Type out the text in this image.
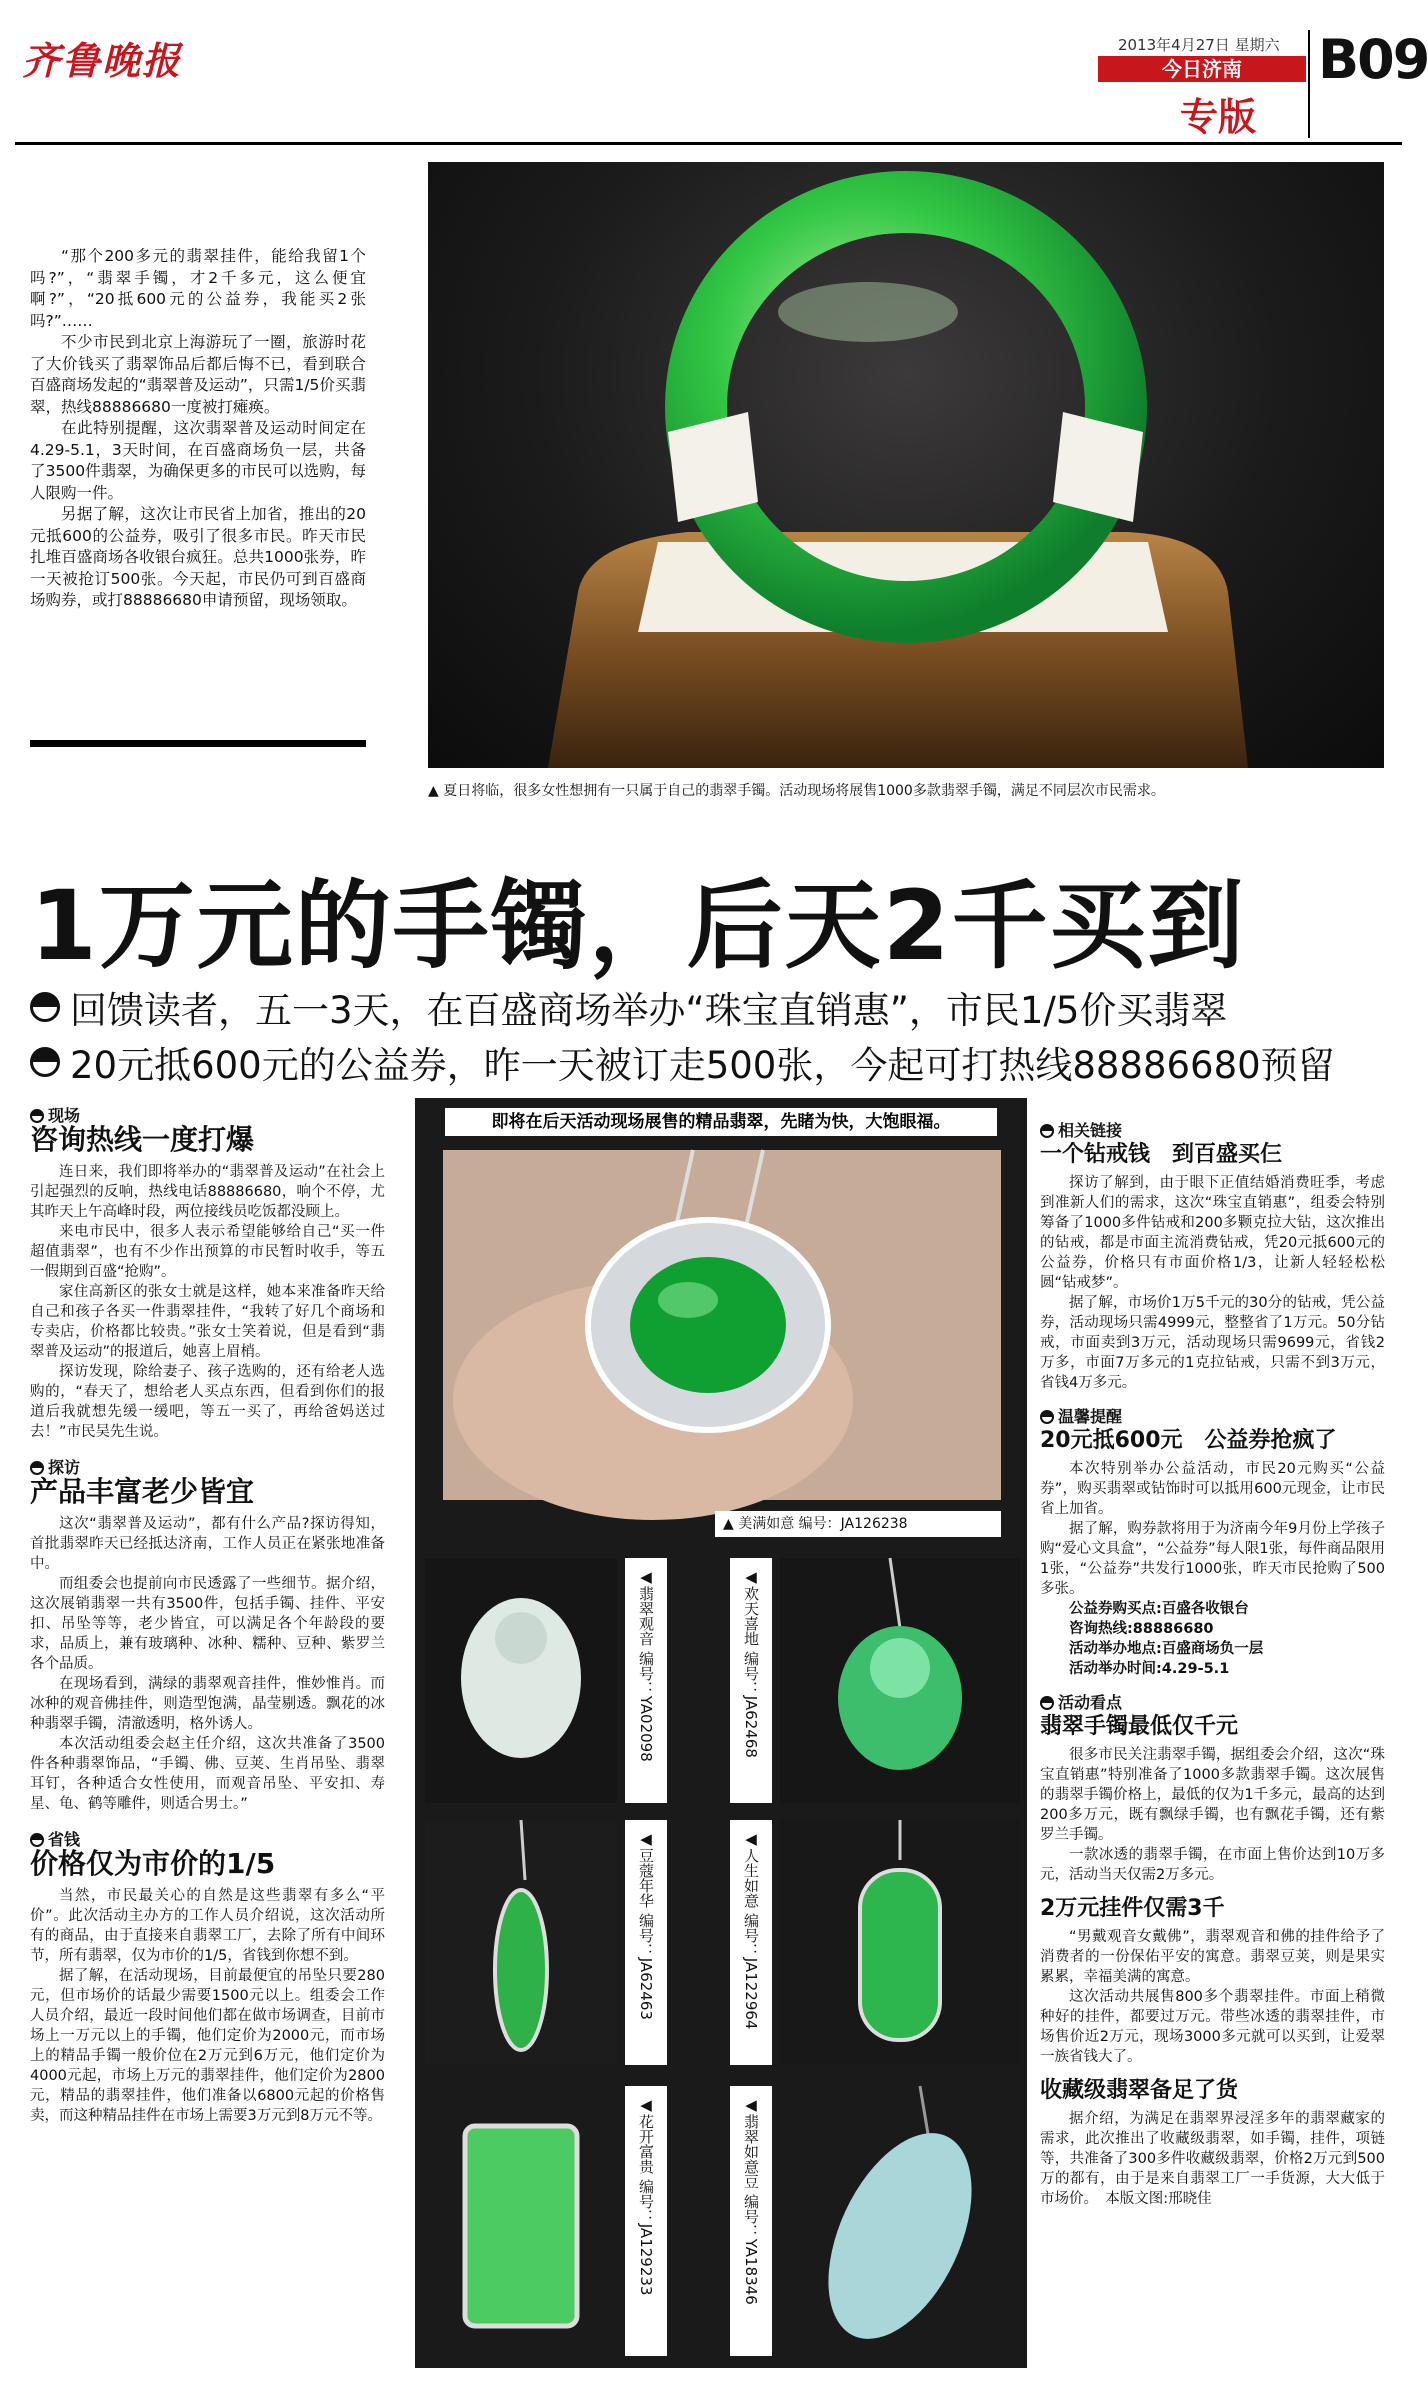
齐鲁晚报	2013年4月27日 星期六
今日济南
专版
B09

“那个200多元的翡翠挂件，能给我留1个吗?”，“翡翠手镯，才2千多元，这么便宜啊?”，“20抵600元的公益券，我能买2张吗?”……

不少市民到北京上海游玩了一圈，旅游时花了大价钱买了翡翠饰品后都后悔不已，看到联合百盛商场发起的“翡翠普及运动”，只需1/5价买翡翠，热线88886680一度被打瘫痪。

在此特别提醒，这次翡翠普及运动时间定在4.29-5.1，3天时间，在百盛商场负一层，共备了3500件翡翠，为确保更多的市民可以选购，每人限购一件。

另据了解，这次让市民省上加省，推出的20元抵600的公益券，吸引了很多市民。昨天市民扎堆百盛商场各收银台疯狂。总共1000张券，昨一天被抢订500张。今天起，市民仍可到百盛商场购券，或打88886680申请预留，现场领取。

▲ 夏日将临，很多女性想拥有一只属于自己的翡翠手镯。活动现场将展售1000多款翡翠手镯，满足不同层次市民需求。
1万元的手镯，后天2千买到
回馈读者，五一3天，在百盛商场举办“珠宝直销惠”，市民1/5价买翡翠
20元抵600元的公益券，昨一天被订走500张，今起可打热线88886680预留
现场
咨询热线一度打爆

连日来，我们即将举办的“翡翠普及运动”在社会上引起强烈的反响，热线电话88886680，响个不停，尤其昨天上午高峰时段，两位接线员吃饭都没顾上。

来电市民中，很多人表示希望能够给自己“买一件超值翡翠”，也有不少作出预算的市民暂时收手，等五一假期到百盛“抢购”。

家住高新区的张女士就是这样，她本来准备昨天给自己和孩子各买一件翡翠挂件，“我转了好几个商场和专卖店，价格都比较贵。”张女士笑着说，但是看到“翡翠普及运动”的报道后，她喜上眉梢。

探访发现，除给妻子、孩子选购的，还有给老人选购的，“春天了，想给老人买点东西，但看到你们的报道后我就想先缓一缓吧，等五一买了，再给爸妈送过去！”市民吴先生说。

探访
产品丰富老少皆宜

这次“翡翠普及运动”，都有什么产品?探访得知，首批翡翠昨天已经抵达济南，工作人员正在紧张地准备中。

而组委会也提前向市民透露了一些细节。据介绍，这次展销翡翠一共有3500件，包括手镯、挂件、平安扣、吊坠等等，老少皆宜，可以满足各个年龄段的要求，品质上，兼有玻璃种、冰种、糯种、豆种、紫罗兰各个品质。

在现场看到，满绿的翡翠观音挂件，惟妙惟肖。而冰种的观音佛挂件，则造型饱满，晶莹剔透。飘花的冰种翡翠手镯，清澈透明，格外诱人。

本次活动组委会赵主任介绍，这次共准备了3500件各种翡翠饰品，“手镯、佛、豆荚、生肖吊坠、翡翠耳钉，各种适合女性使用，而观音吊坠、平安扣、寿星、龟、鹤等雕件，则适合男士。”

省钱
价格仅为市价的1/5

当然，市民最关心的自然是这些翡翠有多么“平价”。此次活动主办方的工作人员介绍说，这次活动所有的商品，由于直接来自翡翠工厂，去除了所有中间环节，所有翡翠，仅为市价的1/5，省钱到你想不到。

据了解，在活动现场，目前最便宜的吊坠只要280元，但市场价的话最少需要1500元以上。组委会工作人员介绍，最近一段时间他们都在做市场调查，目前市场上一万元以上的手镯，他们定价为2000元，而市场上的精品手镯一般价位在2万元到6万元，他们定价为4000元起，市场上万元的翡翠挂件，他们定价为2800元，精品的翡翠挂件，他们准备以6800元起的价格售卖，而这种精品挂件在市场上需要3万元到8万元不等。

即将在后天活动现场展售的精品翡翠，先睹为快，大饱眼福。
▲ 美满如意 编号：JA126238
◀翡翠观音 编号：YA02098	◀欢天喜地 编号：JA62468
◀豆蔻年华 编号：JA62463	◀人生如意 编号：JA122964
◀花开富贵 编号：JA129233	◀翡翠如意豆 编号：YA18346
相关链接
一个钻戒钱　到百盛买仨

探访了解到，由于眼下正值结婚消费旺季，考虑到准新人们的需求，这次“珠宝直销惠”，组委会特别筹备了1000多件钻戒和200多颗克拉大钻，这次推出的钻戒，都是市面主流消费钻戒，凭20元抵600元的公益券，价格只有市面价格1/3，让新人轻轻松松圆“钻戒梦”。

据了解，市场价1万5千元的30分的钻戒，凭公益券，活动现场只需4999元，整整省了1万元。50分钻戒，市面卖到3万元，活动现场只需9699元，省钱2万多，市面7万多元的1克拉钻戒，只需不到3万元，省钱4万多元。

温馨提醒
20元抵600元　公益券抢疯了

本次特别举办公益活动，市民20元购买“公益券”，购买翡翠或钻饰时可以抵用600元现金，让市民省上加省。

据了解，购券款将用于为济南今年9月份上学孩子购“爱心文具盒”，“公益券”每人限1张，每件商品限用1张，“公益券”共发行1000张，昨天市民抢购了500多张。

公益券购买点:百盛各收银台

咨询热线:88886680

活动举办地点:百盛商场负一层

活动举办时间:4.29-5.1

活动看点
翡翠手镯最低仅千元

很多市民关注翡翠手镯，据组委会介绍，这次“珠宝直销惠”特别准备了1000多款翡翠手镯。这次展售的翡翠手镯价格上，最低的仅为1千多元，最高的达到200多万元，既有飘绿手镯，也有飘花手镯，还有紫罗兰手镯。

一款冰透的翡翠手镯，在市面上售价达到10万多元，活动当天仅需2万多元。

2万元挂件仅需3千

“男戴观音女戴佛”，翡翠观音和佛的挂件给予了消费者的一份保佑平安的寓意。翡翠豆荚，则是果实累累，幸福美满的寓意。

这次活动共展售800多个翡翠挂件。市面上稍微种好的挂件，都要过万元。带些冰透的翡翠挂件，市场售价近2万元，现场3000多元就可以买到，让爱翠一族省钱大了。

收藏级翡翠备足了货

据介绍，为满足在翡翠界浸淫多年的翡翠藏家的需求，此次推出了收藏级翡翠，如手镯，挂件，项链等，共准备了300多件收藏级翡翠，价格2万元到500万的都有，由于是来自翡翠工厂一手货源，大大低于市场价。　本版文图:邢晓佳
